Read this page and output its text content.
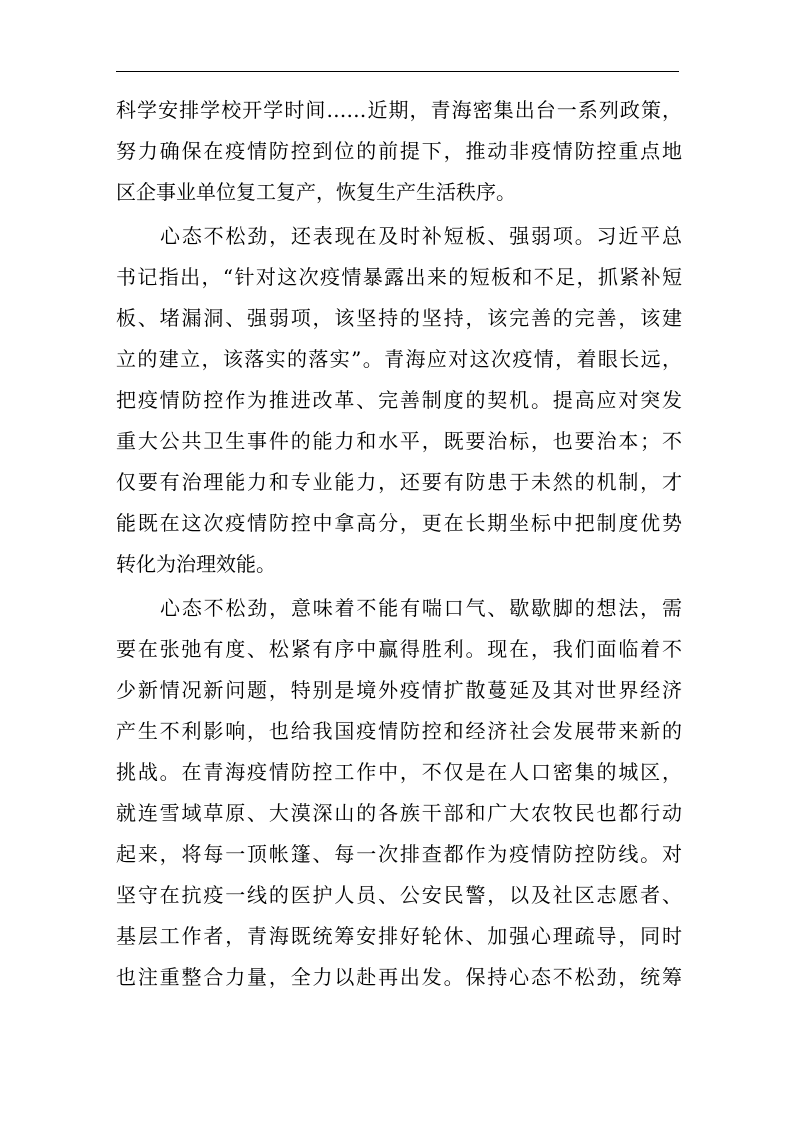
科学安排学校开学时间……近期，青海密集出台一系列政策，
努力确保在疫情防控到位的前提下，推动非疫情防控重点地
区企事业单位复工复产，恢复生产生活秩序。
心态不松劲，还表现在及时补短板、强弱项。习近平总
书记指出，“针对这次疫情暴露出来的短板和不足，抓紧补短
板、堵漏洞、强弱项，该坚持的坚持，该完善的完善，该建
立的建立，该落实的落实”。青海应对这次疫情，着眼长远，
把疫情防控作为推进改革、完善制度的契机。提高应对突发
重大公共卫生事件的能力和水平，既要治标，也要治本；不
仅要有治理能力和专业能力，还要有防患于未然的机制，才
能既在这次疫情防控中拿高分，更在长期坐标中把制度优势
转化为治理效能。
心态不松劲，意味着不能有喘口气、歇歇脚的想法，需
要在张弛有度、松紧有序中赢得胜利。现在，我们面临着不
少新情况新问题，特别是境外疫情扩散蔓延及其对世界经济
产生不利影响，也给我国疫情防控和经济社会发展带来新的
挑战。在青海疫情防控工作中，不仅是在人口密集的城区，
就连雪域草原、大漠深山的各族干部和广大农牧民也都行动
起来，将每一顶帐篷、每一次排查都作为疫情防控防线。对
坚守在抗疫一线的医护人员、公安民警，以及社区志愿者、
基层工作者，青海既统筹安排好轮休、加强心理疏导，同时
也注重整合力量，全力以赴再出发。保持心态不松劲，统筹
